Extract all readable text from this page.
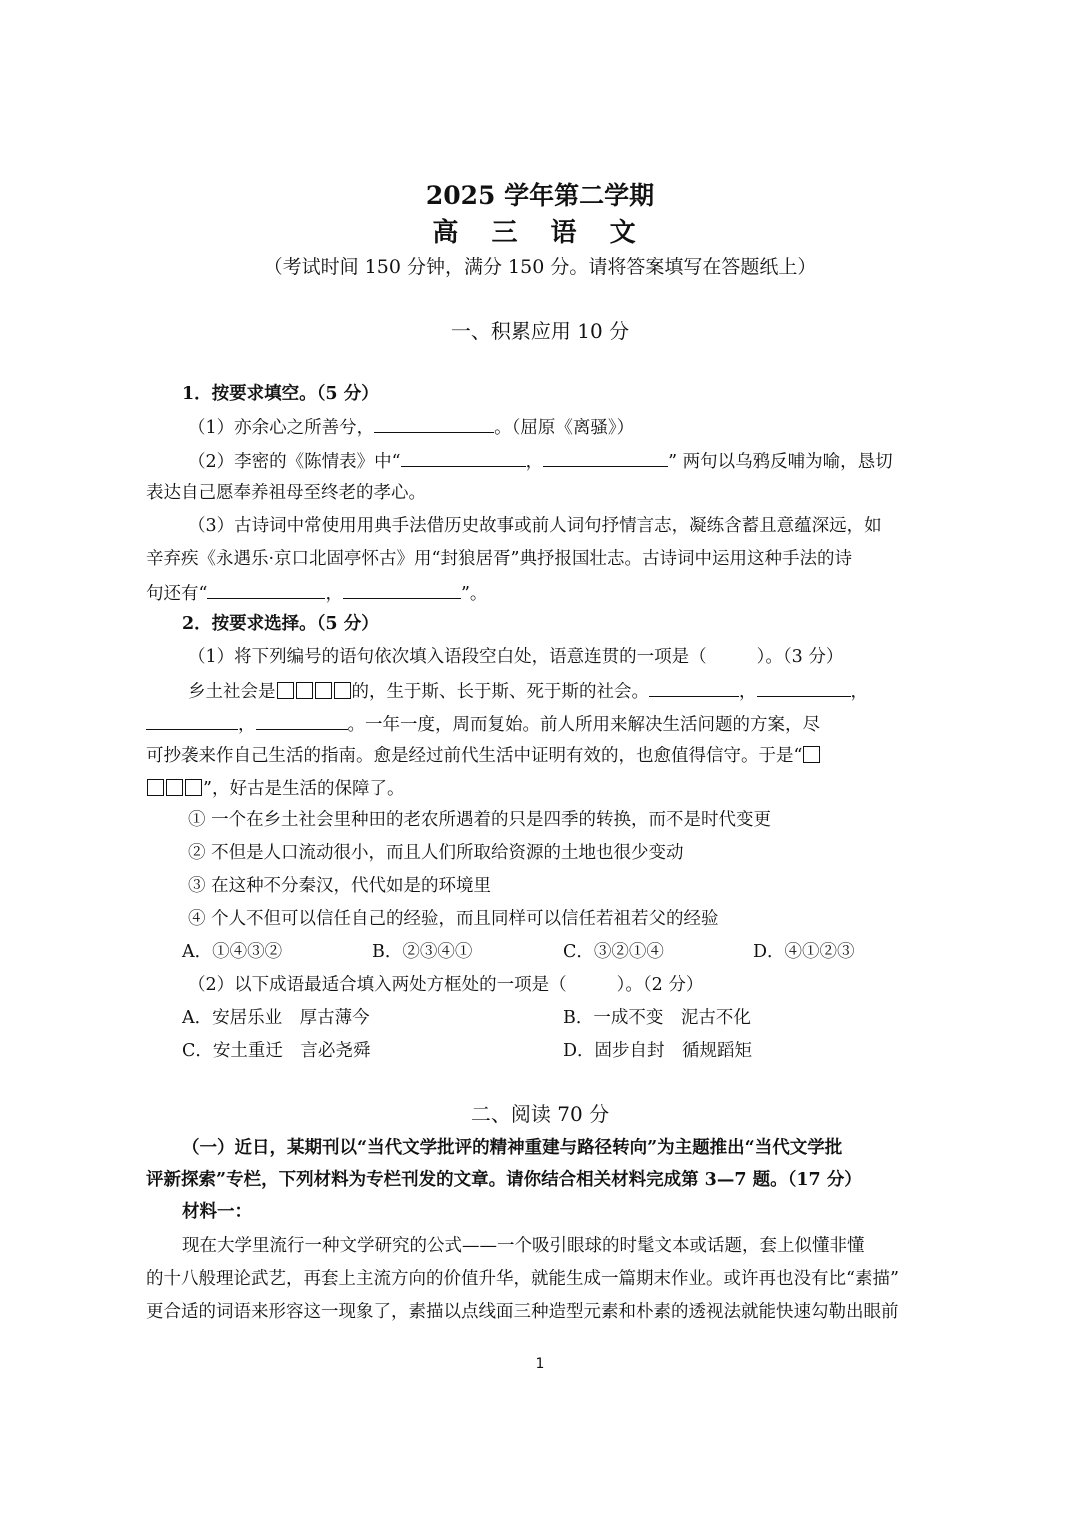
2025 学年第二学期
高 三 语 文
（考试时间 150 分钟，满分 150 分。请将答案填写在答题纸上）
一、积累应用 10 分
1．按要求填空。（5 分）
（1）亦余心之所善兮，	。（屈原《离骚》）
（2）李密的《陈情表》中“	，	” 两句以乌鸦反哺为喻，恳切
表达自己愿奉养祖母至终老的孝心。
（3）古诗词中常使用用典手法借历史故事或前人词句抒情言志，凝练含蓄且意蕴深远，如
辛弃疾《永遇乐·京口北固亭怀古》用“封狼居胥”典抒报国壮志。古诗词中运用这种手法的诗
句还有“	，	”。
2．按要求选择。（5 分）
（1）将下列编号的语句依次填入语段空白处，语意连贯的一项是（	）。（3 分）
乡土社会是	的，生于斯、长于斯、死于斯的社会。	，	，
，	。一年一度，周而复始。前人所用来解决生活问题的方案，尽
可抄袭来作自己生活的指南。愈是经过前代生活中证明有效的，也愈值得信守。于是“
”，好古是生活的保障了。
① 一个在乡土社会里种田的老农所遇着的只是四季的转换，而不是时代变更
② 不但是人口流动很小，而且人们所取给资源的土地也很少变动
③ 在这种不分秦汉，代代如是的环境里
④ 个人不但可以信任自己的经验，而且同样可以信任若祖若父的经验
A．①④③②	B．②③④①	C．③②①④	D．④①②③
（2）以下成语最适合填入两处方框处的一项是（	）。（2 分）
A．安居乐业　厚古薄今	B．一成不变　泥古不化
C．安土重迁　言必尧舜	D．固步自封　循规蹈矩
二、阅读 70 分
（一）近日，某期刊以“当代文学批评的精神重建与路径转向”为主题推出“当代文学批
评新探索”专栏，下列材料为专栏刊发的文章。请你结合相关材料完成第 3—7 题。（17 分）
材料一：
现在大学里流行一种文学研究的公式——一个吸引眼球的时髦文本或话题，套上似懂非懂
的十八般理论武艺，再套上主流方向的价值升华，就能生成一篇期末作业。或许再也没有比“素描”
更合适的词语来形容这一现象了，素描以点线面三种造型元素和朴素的透视法就能快速勾勒出眼前
1
